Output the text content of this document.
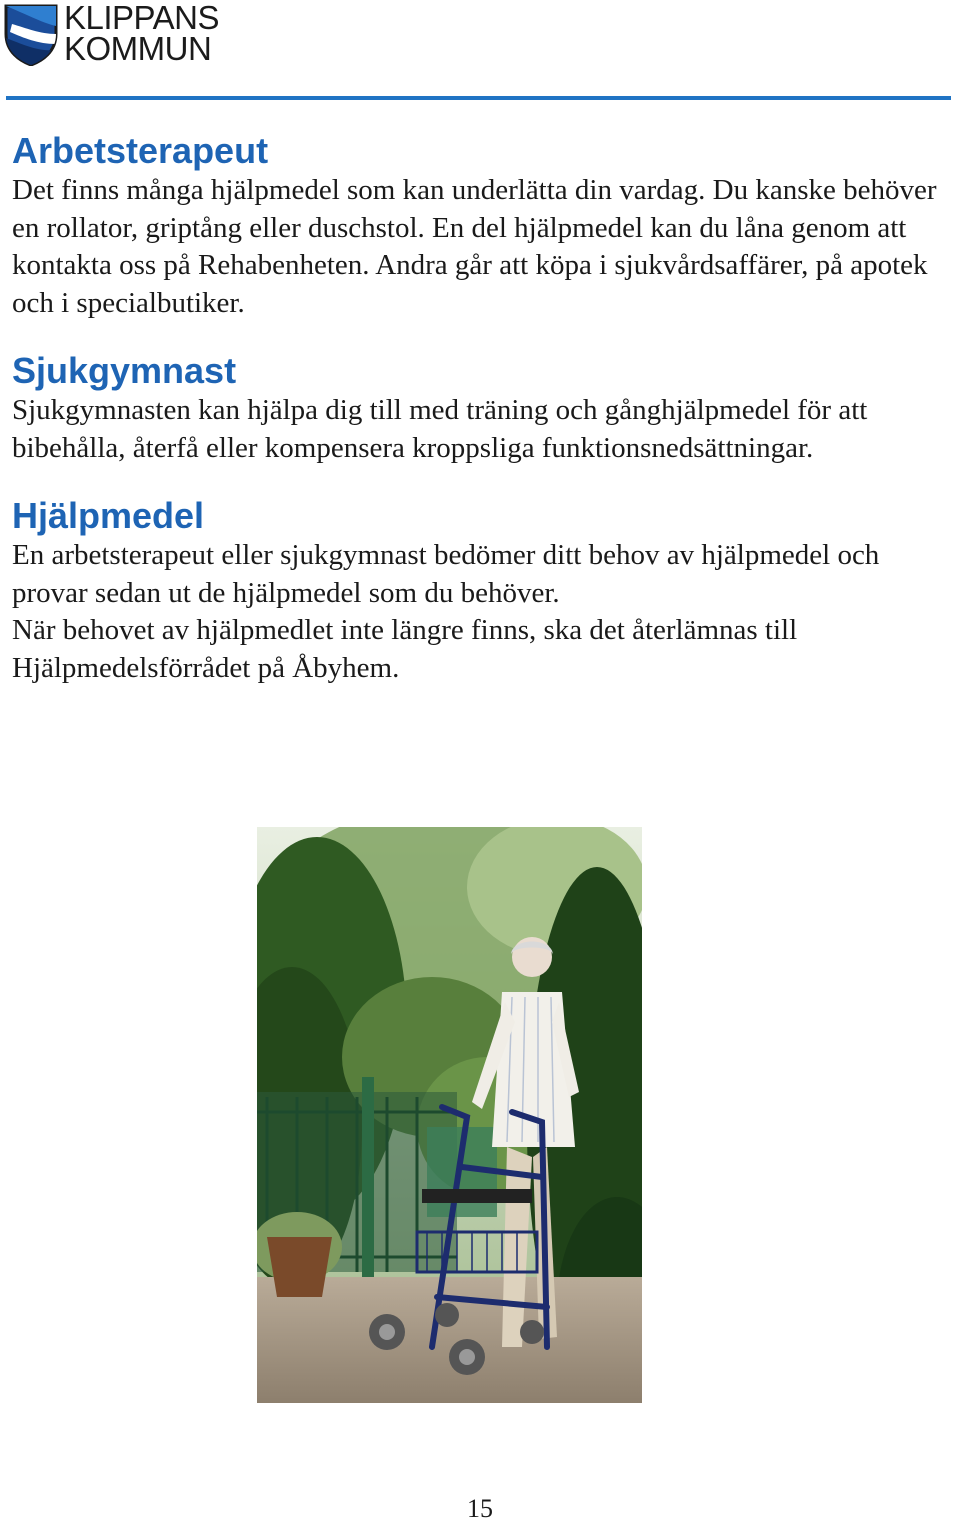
KLIPPANS
KOMMUN
Arbetsterapeut

Det finns många hjälpmedel som kan underlätta din vardag. Du kanske behöver en rollator, griptång eller duschstol. En del hjälpmedel kan du låna genom att kontakta oss på Rehabenheten. Andra går att köpa i sjukvårdsaffärer, på apotek och i specialbutiker.

Sjukgymnast

Sjukgymnasten kan hjälpa dig till med träning och gånghjälpmedel för att bibehålla, återfå eller kompensera kroppsliga funktionsnedsättningar.

Hjälpmedel

En arbetsterapeut eller sjukgymnast bedömer ditt behov av hjälpmedel och provar sedan ut de hjälpmedel som du behöver.

När behovet av hjälpmedlet inte längre finns, ska det återlämnas till Hjälpmedelsförrådet på Åbyhem.

15
